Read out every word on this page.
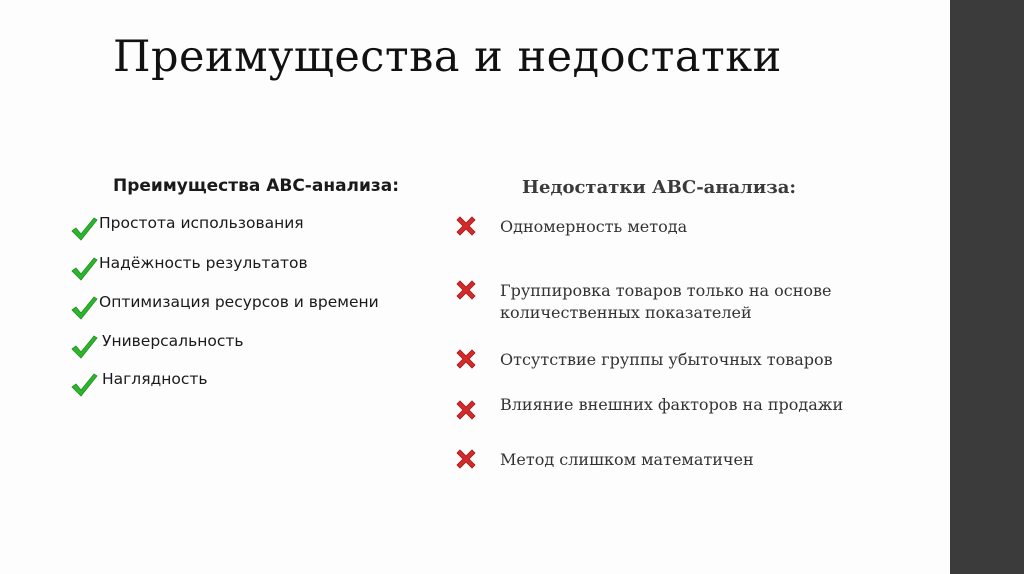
Преимущества и недостатки
Преимущества АВС-анализа:	Недостатки АВС-анализа:
Простота использования
Надёжность результатов
Оптимизация ресурсов и времени
Универсальность
Наглядность
Одномерность метода
Группировка товаров только на основе
количественных показателей
Отсутствие группы убыточных товаров
Влияние внешних факторов на продажи
Метод слишком математичен
